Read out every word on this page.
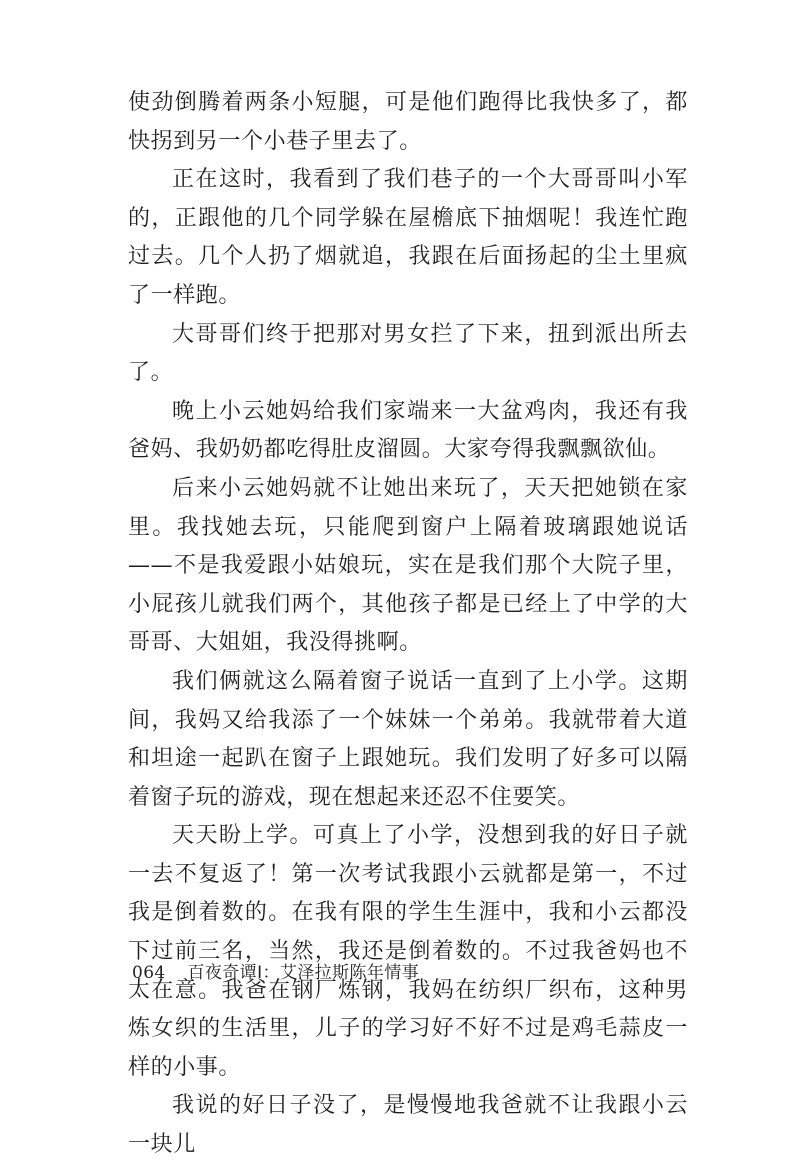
使劲倒腾着两条小短腿，可是他们跑得比我快多了，都快拐到另一个小巷子里去了。

正在这时，我看到了我们巷子的一个大哥哥叫小军的，正跟他的几个同学躲在屋檐底下抽烟呢！我连忙跑过去。几个人扔了烟就追，我跟在后面扬起的尘土里疯了一样跑。

大哥哥们终于把那对男女拦了下来，扭到派出所去了。

晚上小云她妈给我们家端来一大盆鸡肉，我还有我爸妈、我奶奶都吃得肚皮溜圆。大家夸得我飘飘欲仙。

后来小云她妈就不让她出来玩了，天天把她锁在家里。我找她去玩，只能爬到窗户上隔着玻璃跟她说话——不是我爱跟小姑娘玩，实在是我们那个大院子里，小屁孩儿就我们两个，其他孩子都是已经上了中学的大哥哥、大姐姐，我没得挑啊。

我们俩就这么隔着窗子说话一直到了上小学。这期间，我妈又给我添了一个妹妹一个弟弟。我就带着大道和坦途一起趴在窗子上跟她玩。我们发明了好多可以隔着窗子玩的游戏，现在想起来还忍不住要笑。

天天盼上学。可真上了小学，没想到我的好日子就一去不复返了！第一次考试我跟小云就都是第一，不过我是倒着数的。在我有限的学生生涯中，我和小云都没下过前三名，当然，我还是倒着数的。不过我爸妈也不太在意。我爸在钢厂炼钢，我妈在纺织厂织布，这种男炼女织的生活里，儿子的学习好不好不过是鸡毛蒜皮一样的小事。

我说的好日子没了，是慢慢地我爸就不让我跟小云一块儿

064 百夜奇谭Ⅰ：艾泽拉斯陈年情事
